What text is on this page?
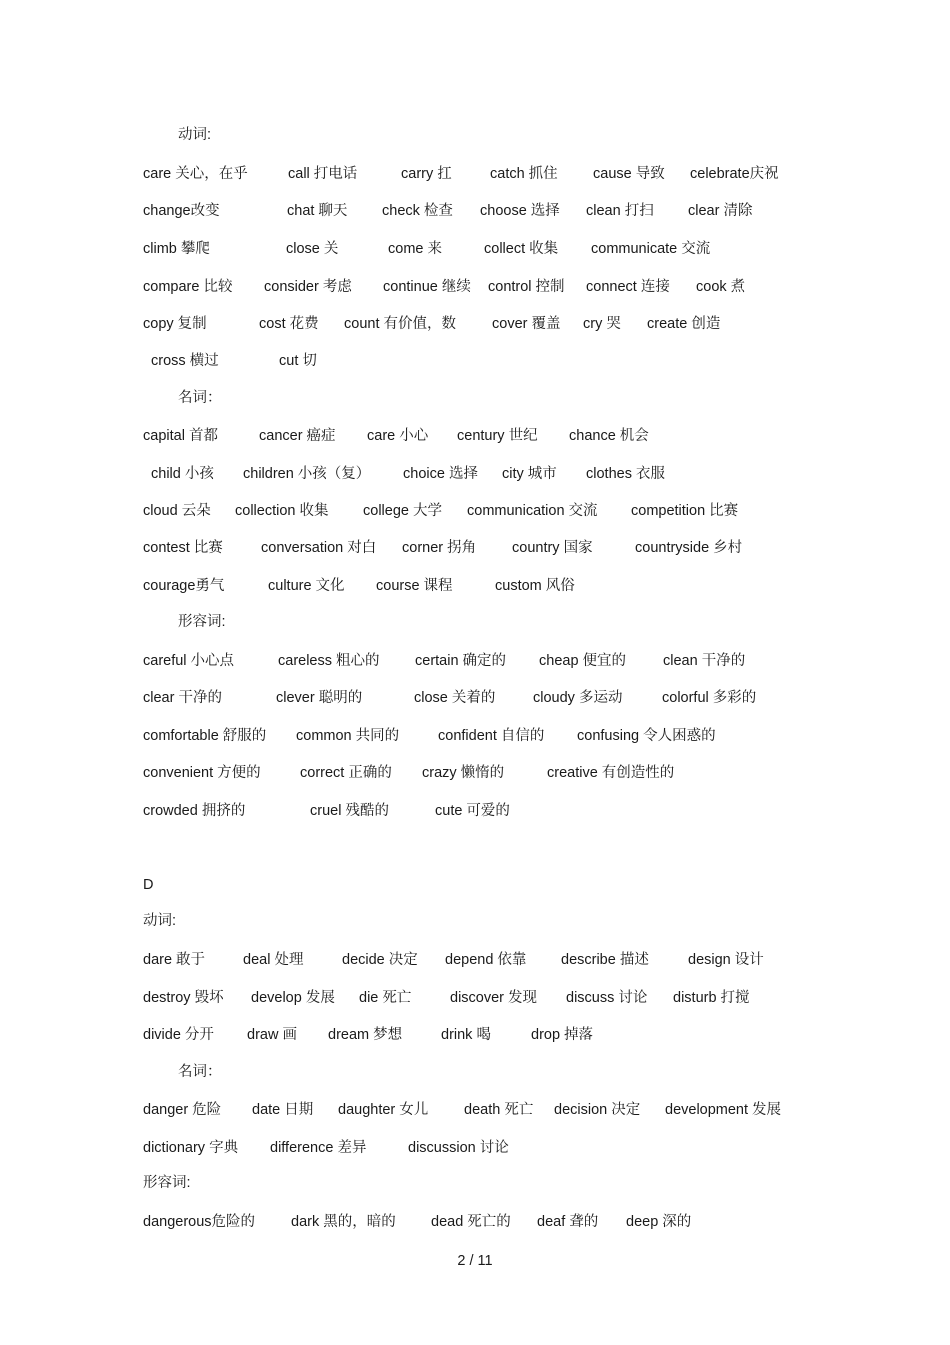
动词:
care 关心，在乎	call 打电话	carry 扛	catch 抓住 cause 导致 celebrate庆祝
change改变	chat 聊天 check 检查 choose 选择 clean 打扫 clear 清除
climb 攀爬	close 关	come 来	collect 收集 communicate 交流
compare 比较 consider 考虑 continue 继续 control 控制 connect 连接 cook 煮
copy 复制	cost 花费 count 有价值，数 cover 覆盖 cry 哭 create 创造
cross 横过	cut 切
名词：
capital 首都	cancer 癌症 care 小心 century 世纪 chance 机会
child 小孩 children 小孩（复） choice 选择 city 城市 clothes 衣服
cloud 云朵 collection 收集 college 大学 communication 交流 competition 比赛
contest 比赛	conversation 对白 corner 拐角 country 国家	countryside 乡村
courage勇气	culture 文化 course 课程	custom 风俗
形容词:
careful 小心点	careless 粗心的 certain 确定的 cheap 便宜的	clean 干净的
clear 干净的	clever 聪明的	close 关着的	cloudy 多运动	colorful 多彩的
comfortable 舒服的 common 共同的	confident 自信的 confusing 令人困惑的
convenient 方便的	correct 正确的 crazy 懒惰的	creative 有创造性的
crowded 拥挤的	cruel 残酷的	cute 可爱的
D
动词:
dare 敢于	deal 处理	decide 决定 depend 依靠 describe 描述	design 设计
destroy 毁坏 develop 发展 die 死亡	discover 发现 discuss 讨论 disturb 打搅
divide 分开 draw 画 dream 梦想	drink 喝	drop 掉落
名词：
danger 危险 date 日期 daughter 女儿 death 死亡 decision 决定 development 发展
dictionary 字典 difference 差异	discussion 讨论
形容词:
dangerous危险的 dark 黑的，暗的 dead 死亡的 deaf 聋的 deep 深的
2 / 11
